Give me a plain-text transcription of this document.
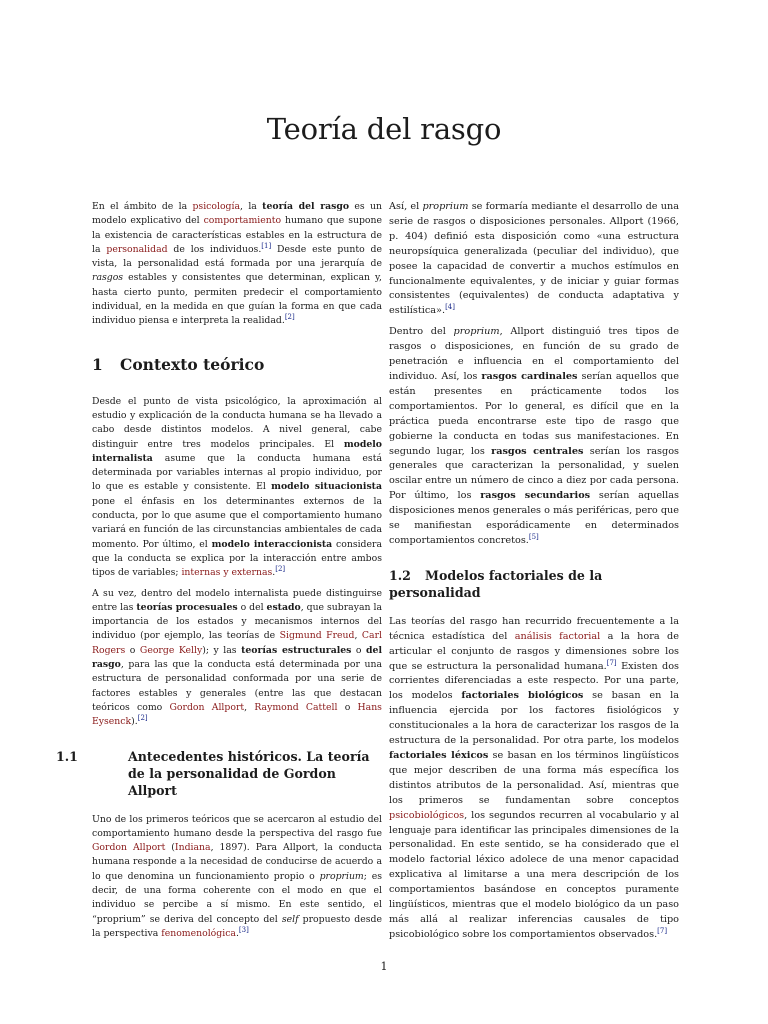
Teoría del rasgo

En el ámbito de la psicología, la teoría del rasgo es un modelo explicativo del comportamiento humano que supone la existencia de características estables en la estructura de la personalidad de los individuos.[1] Desde este punto de vista, la personalidad está formada por una jerarquía de rasgos estables y consistentes que determinan, explican y, hasta cierto punto, permiten predecir el comportamiento individual, en la medida en que guían la forma en que cada individuo piensa e interpreta la realidad.[2]

1 Contexto teórico

Desde el punto de vista psicológico, la aproximación al estudio y explicación de la conducta humana se ha llevado a cabo desde distintos modelos. A nivel general, cabe distinguir entre tres modelos principales. El modelo internalista asume que la conducta humana está determinada por variables internas al propio individuo, por lo que es estable y consistente. El modelo situacionista pone el énfasis en los determinantes externos de la conducta, por lo que asume que el comportamiento humano variará en función de las circunstancias ambientales de cada momento. Por último, el modelo interaccionista considera que la conducta se explica por la interacción entre ambos tipos de variables; internas y externas.[2]

A su vez, dentro del modelo internalista puede distinguirse entre las teorías procesuales o del estado, que subrayan la importancia de los estados y mecanismos internos del individuo (por ejemplo, las teorías de Sigmund Freud, Carl Rogers o George Kelly); y las teorías estructurales o del rasgo, para las que la conducta está determinada por una estructura de personalidad conformada por una serie de factores estables y generales (entre las que destacan teóricos como Gordon Allport, Raymond Cattell o Hans Eysenck).[2]

1.1	Antecedentes históricos. La teoría de la personalidad de Gordon Allport

Uno de los primeros teóricos que se acercaron al estudio del comportamiento humano desde la perspectiva del rasgo fue Gordon Allport (Indiana, 1897). Para Allport, la conducta humana responde a la necesidad de conducirse de acuerdo a lo que denomina un funcionamiento propio o proprium; es decir, de una forma coherente con el modo en que el individuo se percibe a sí mismo. En este sentido, el “proprium” se deriva del concepto del self propuesto desde la perspectiva fenomenológica.[3]

Así, el proprium se formaría mediante el desarrollo de una serie de rasgos o disposiciones personales. Allport (1966, p. 404) definió esta disposición como «una estructura neuropsíquica generalizada (peculiar del individuo), que posee la capacidad de convertir a muchos estímulos en funcionalmente equivalentes, y de iniciar y guiar formas consistentes (equivalentes) de conducta adaptativa y estilística».[4]

Dentro del proprium, Allport distinguió tres tipos de rasgos o disposiciones, en función de su grado de penetración e influencia en el comportamiento del individuo. Así, los rasgos cardinales serían aquellos que están presentes en prácticamente todos los comportamientos. Por lo general, es difícil que en la práctica pueda encontrarse este tipo de rasgo que gobierne la conducta en todas sus manifestaciones. En segundo lugar, los rasgos centrales serían los rasgos generales que caracterizan la personalidad, y suelen oscilar entre un número de cinco a diez por cada persona. Por último, los rasgos secundarios serían aquellas disposiciones menos generales o más periféricas, pero que se manifiestan esporádicamente en determinados comportamientos concretos.[5]

1.2 Modelos factoriales de la personalidad

Las teorías del rasgo han recurrido frecuentemente a la técnica estadística del análisis factorial a la hora de articular el conjunto de rasgos y dimensiones sobre los que se estructura la personalidad humana.[7] Existen dos corrientes diferenciadas a este respecto. Por una parte, los modelos factoriales biológicos se basan en la influencia ejercida por los factores fisiológicos y constitucionales a la hora de caracterizar los rasgos de la estructura de la personalidad. Por otra parte, los modelos factoriales léxicos se basan en los términos lingüísticos que mejor describen de una forma más específica los distintos atributos de la personalidad. Así, mientras que los primeros se fundamentan sobre conceptos psicobiológicos, los segundos recurren al vocabulario y al lenguaje para identificar las principales dimensiones de la personalidad. En este sentido, se ha considerado que el modelo factorial léxico adolece de una menor capacidad explicativa al limitarse a una mera descripción de los comportamientos basándose en conceptos puramente lingüísticos, mientras que el modelo biológico da un paso más allá al realizar inferencias causales de tipo psicobiológico sobre los comportamientos observados.[7]

1
